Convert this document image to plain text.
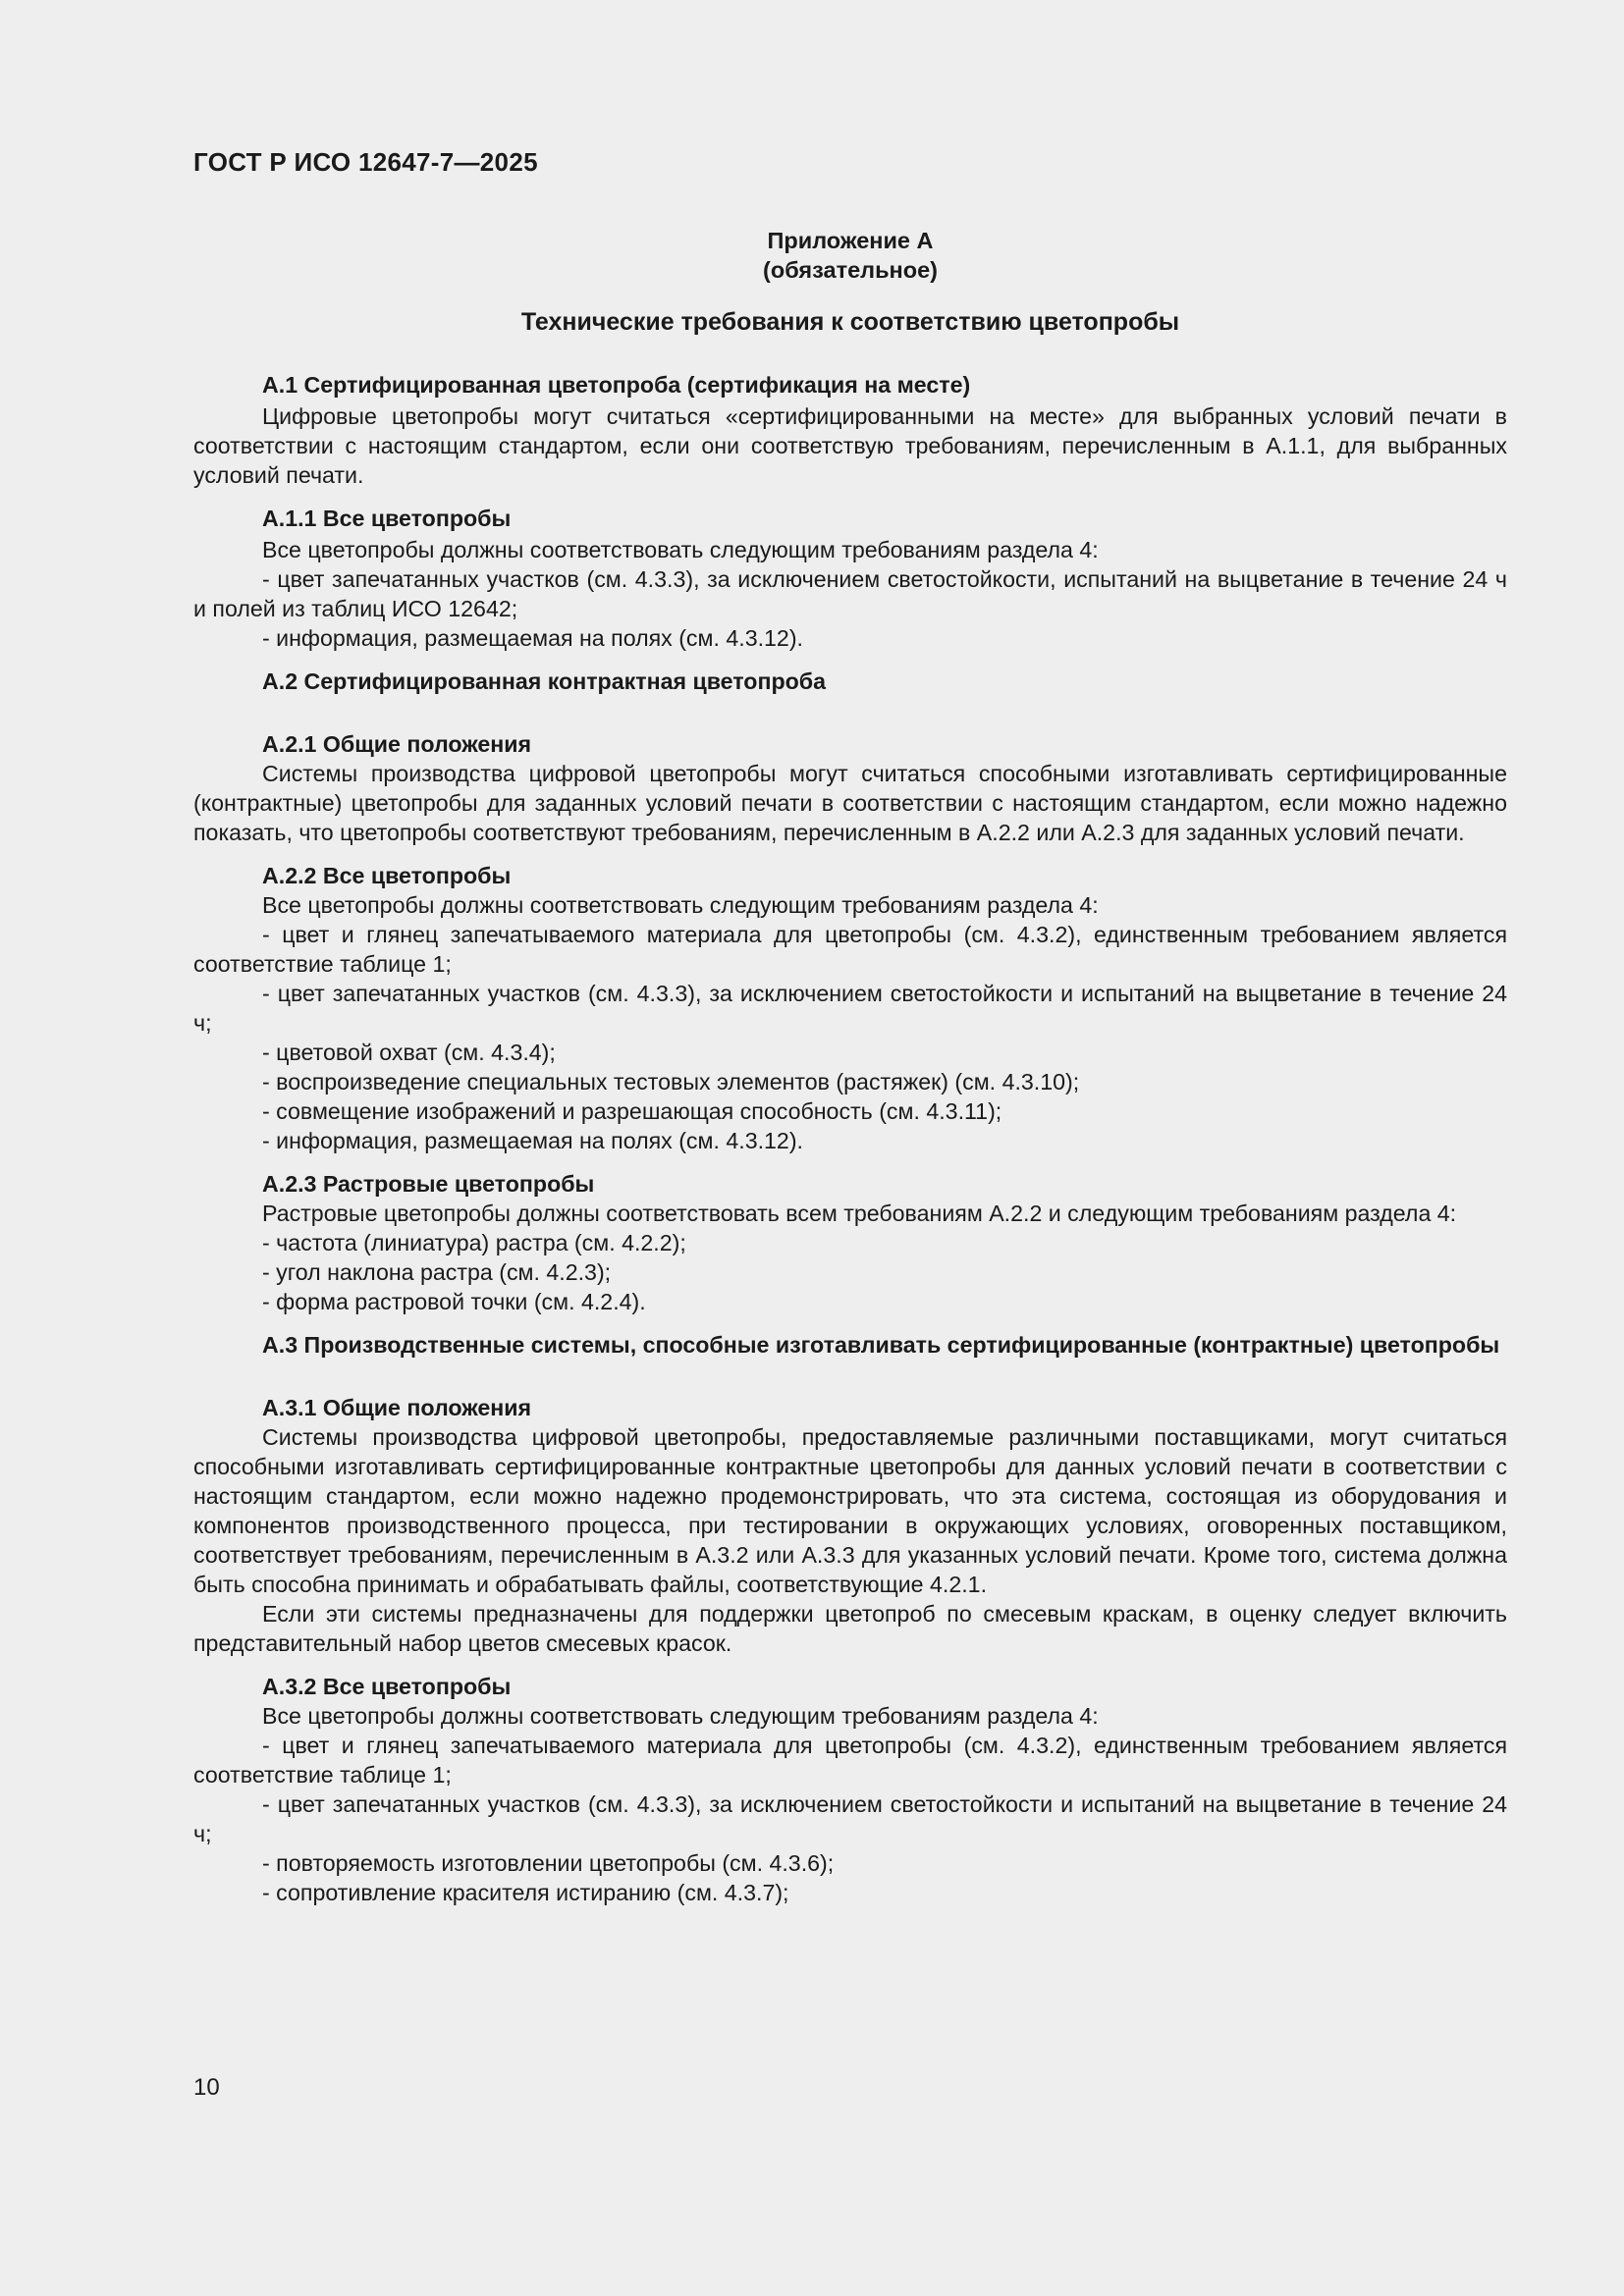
ГОСТ Р ИСО 12647-7—2025
Приложение А
(обязательное)
Технические требования к соответствию цветопробы
А.1 Сертифицированная цветопроба (сертификация на месте)

Цифровые цветопробы могут считаться «сертифицированными на месте» для выбранных условий печати в соответствии с настоящим стандартом, если они соответствую требованиям, перечисленным в А.1.1, для выбранных условий печати.

А.1.1 Все цветопробы

Все цветопробы должны соответствовать следующим требованиям раздела 4:

- цвет запечатанных участков (см. 4.3.3), за исключением светостойкости, испытаний на выцветание в течение 24 ч и полей из таблиц ИСО 12642;

- информация, размещаемая на полях (см. 4.3.12).

А.2 Сертифицированная контрактная цветопроба
А.2.1 Общие положения

Системы производства цифровой цветопробы могут считаться способными изготавливать сертифицированные (контрактные) цветопробы для заданных условий печати в соответствии с настоящим стандартом, если можно надежно показать, что цветопробы соответствуют требованиям, перечисленным в А.2.2 или А.2.3 для заданных условий печати.

А.2.2 Все цветопробы

Все цветопробы должны соответствовать следующим требованиям раздела 4:

- цвет и глянец запечатываемого материала для цветопробы (см. 4.3.2), единственным требованием является соответствие таблице 1;

- цвет запечатанных участков (см. 4.3.3), за исключением светостойкости и испытаний на выцветание в течение 24 ч;

- цветовой охват (см. 4.3.4);

- воспроизведение специальных тестовых элементов (растяжек) (см. 4.3.10);

- совмещение изображений и разрешающая способность (см. 4.3.11);

- информация, размещаемая на полях (см. 4.3.12).

А.2.3 Растровые цветопробы

Растровые цветопробы должны соответствовать всем требованиям А.2.2 и следующим требованиям раздела 4:

- частота (линиатура) растра (см. 4.2.2);

- угол наклона растра (см. 4.2.3);

- форма растровой точки (см. 4.2.4).

А.3 Производственные системы, способные изготавливать сертифицированные (контрактные) цветопробы
А.3.1 Общие положения

Системы производства цифровой цветопробы, предоставляемые различными поставщиками, могут считаться способными изготавливать сертифицированные контрактные цветопробы для данных условий печати в соответствии с настоящим стандартом, если можно надежно продемонстрировать, что эта система, состоящая из оборудования и компонентов производственного процесса, при тестировании в окружающих условиях, оговоренных поставщиком, соответствует требованиям, перечисленным в А.3.2 или А.3.3 для указанных условий печати. Кроме того, система должна быть способна принимать и обрабатывать файлы, соответствующие 4.2.1.

Если эти системы предназначены для поддержки цветопроб по смесевым краскам, в оценку следует включить представительный набор цветов смесевых красок.

А.3.2 Все цветопробы

Все цветопробы должны соответствовать следующим требованиям раздела 4:

- цвет и глянец запечатываемого материала для цветопробы (см. 4.3.2), единственным требованием является соответствие таблице 1;

- цвет запечатанных участков (см. 4.3.3), за исключением светостойкости и испытаний на выцветание в течение 24 ч;

- повторяемость изготовлении цветопробы (см. 4.3.6);

- сопротивление красителя истиранию (см. 4.3.7);

10
